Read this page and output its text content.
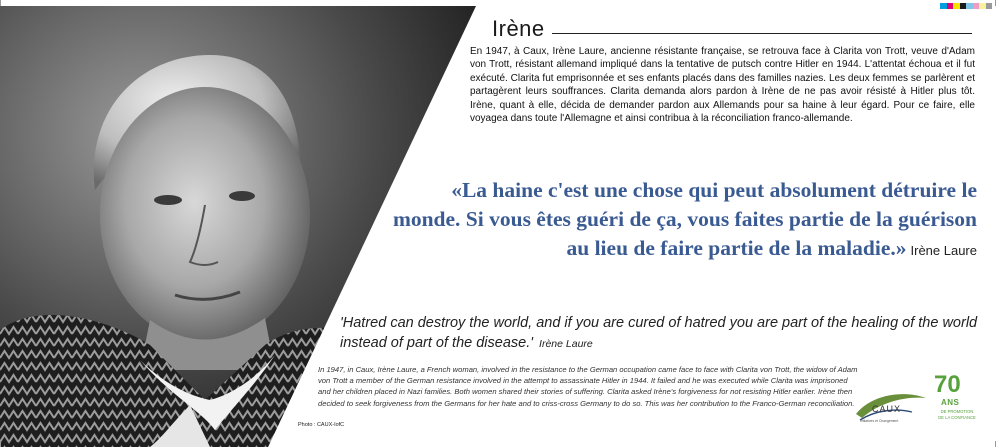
Irène
En 1947, à Caux, Irène Laure, ancienne résistante française, se retrouva face à Clarita von Trott, veuve d'Adam von Trott, résistant allemand impliqué dans la tentative de putsch contre Hitler en 1944. L'attentat échoua et il fut exécuté. Clarita fut emprisonnée et ses enfants placés dans des familles nazies. Les deux femmes se parlèrent et partagèrent leurs souffrances. Clarita demanda alors pardon à Irène de ne pas avoir résisté à Hitler plus tôt. Irène, quant à elle, décida de demander pardon aux Allemands pour sa haine à leur égard. Pour ce faire, elle voyagea dans toute l'Allemagne et ainsi contribua à la réconciliation franco-allemande.
«La haine c'est une chose qui peut absolument détruire le monde. Si vous êtes guéri de ça, vous faites partie de la guérison au lieu de faire partie de la maladie.» Irène Laure
'Hatred can destroy the world, and if you are cured of hatred you are part of the healing of the world instead of part of the disease.' Irène Laure
In 1947, in Caux, Irène Laure, a French woman, involved in the resistance to the German occupation came face to face with Clarita von Trott, the widow of Adam von Trott a member of the German resistance involved in the attempt to assassinate Hitler in 1944. It failed and he was executed while Clarita was imprisoned and her children placed in Nazi families. Both women shared their stories of suffering. Clarita asked Irène's forgiveness for not resisting Hitler earlier. Irène then decided to seek forgiveness from the Germans for her hate and to criss-cross Germany to do so. This was her contribution to the Franco-German reconciliation.
Photo : CAUX-IofC
CAUX
Initiatives et Changement
70
ANS
DE PROMOTION
DE LA CONFIANCE
